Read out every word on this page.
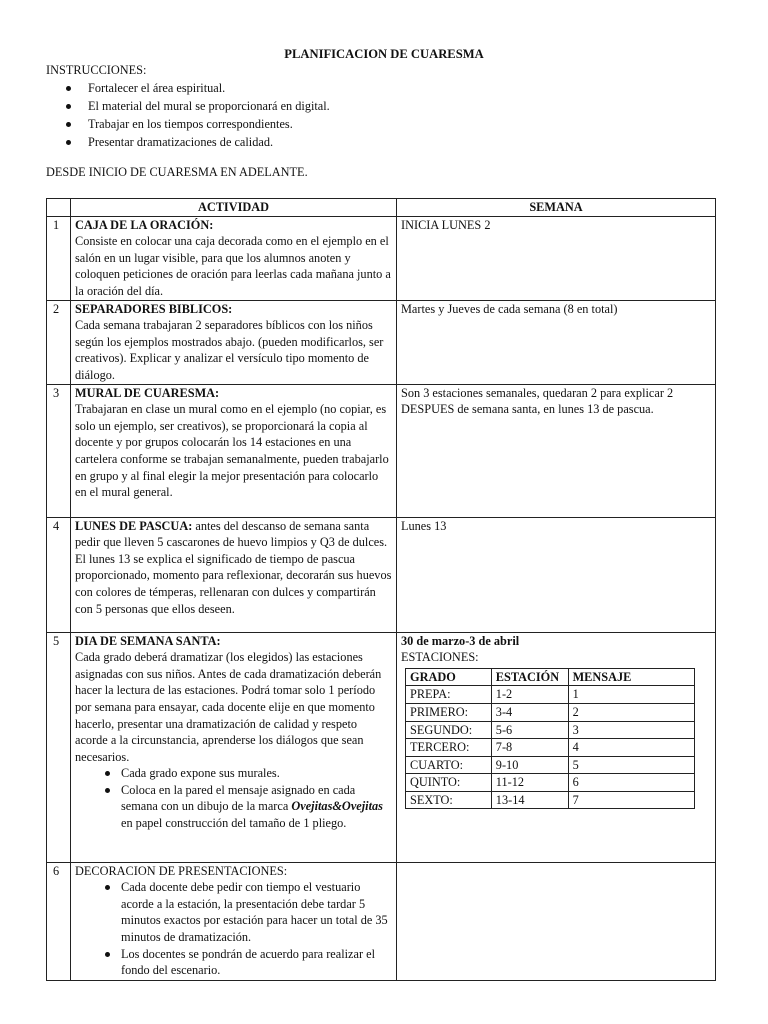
PLANIFICACION DE CUARESMA
INSTRUCCIONES:
Fortalecer el área espiritual.
El material del mural se proporcionará en digital.
Trabajar en los tiempos correspondientes.
Presentar dramatizaciones de calidad.
DESDE INICIO DE CUARESMA EN ADELANTE.
	ACTIVIDAD	SEMANA
1	CAJA DE LA ORACIÓN:
Consiste en colocar una caja decorada como en el ejemplo en el salón en un lugar visible, para que los alumnos anoten y coloquen peticiones de oración para leerlas cada mañana junto a la oración del día.
	INICIA LUNES 2
2	SEPARADORES BIBLICOS:
Cada semana trabajaran 2 separadores bíblicos con los niños según los ejemplos mostrados abajo. (pueden modificarlos, ser creativos). Explicar y analizar el versículo tipo momento de diálogo.
	Martes y Jueves de cada semana (8 en total)
3	MURAL DE CUARESMA:
Trabajaran en clase un mural como en el ejemplo (no copiar, es solo un ejemplo, ser creativos), se proporcionará la copia al docente y por grupos colocarán los 14 estaciones en una cartelera conforme se trabajan semanalmente, pueden trabajarlo en grupo y al final elegir la mejor presentación para colocarlo en el mural general.
	Son 3 estaciones semanales, quedaran 2 para explicar 2 DESPUES de semana santa, en lunes 13 de pascua.
4	LUNES DE PASCUA: antes del descanso de semana santa pedir que lleven 5 cascarones de huevo limpios y Q3 de dulces. El lunes 13 se explica el significado de tiempo de pascua proporcionado, momento para reflexionar, decorarán sus huevos con colores de témperas, rellenaran con dulces y compartirán con 5 personas que ellos deseen.
	Lunes 13
5	DIA DE SEMANA SANTA:
Cada grado deberá dramatizar (los elegidos) las estaciones asignadas con sus niños. Antes de cada dramatización deberán hacer la lectura de las estaciones. Podrá tomar solo 1 período por semana para ensayar, cada docente elije en que momento hacerlo, presentar una dramatización de calidad y respeto acorde a la circunstancia, aprenderse los diálogos que sean necesarios.
Cada grado expone sus murales.
Coloca en la pared el mensaje asignado en cada semana con un dibujo de la marca Ovejitas&Ovejitas en papel construcción del tamaño de 1 pliego.

30 de marzo-3 de abril
ESTACIONES:
GRADO	ESTACIÓN	MENSAJE
PREPA:	1-2	1
PRIMERO:	3-4	2
SEGUNDO:	5-6	3
TERCERO:	7-8	4
CUARTO:	9-10	5
QUINTO:	11-12	6
SEXTO:	13-14	7

6	DECORACION DE PRESENTACIONES:
Cada docente debe pedir con tiempo el vestuario acorde a la estación, la presentación debe tardar 5 minutos exactos por estación para hacer un total de 35 minutos de dramatización.
Los docentes se pondrán de acuerdo para realizar el fondo del escenario.
